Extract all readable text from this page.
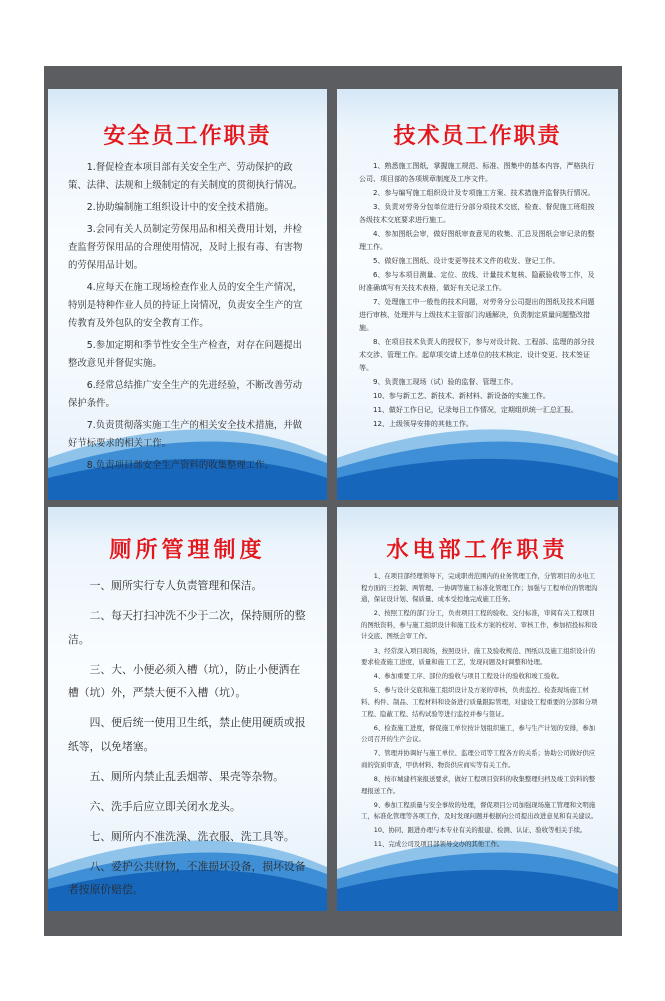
安全员工作职责

1.督促检查本项目部有关安全生产、劳动保护的政策、法律、法规和上级制定的有关制度的贯彻执行情况。

2.协助编制施工组织设计中的安全技术措施。

3.会同有关人员制定劳保用品和相关费用计划，并检查监督劳保用品的合理使用情况，及时上报有毒、有害物的劳保用品计划。

4.应每天在施工现场检查作业人员的安全生产情况，特别是特种作业人员的持证上岗情况，负责安全生产的宣传教育及外包队的安全教育工作。

5.参加定期和季节性安全生产检查，对存在问题提出整改意见并督促实施。

6.经常总结推广安全生产的先进经验，不断改善劳动保护条件。

7.负责贯彻落实施工生产的相关安全技术措施，并做好节标要求的相关工作。

8.负责项目部安全生产资料的收集整理工作。

技术员工作职责

1、熟悉施工图纸，掌握施工规范、标准、图集中的基本内容，严格执行公司、项目部的各项规章制度及工序文件。

2、参与编写施工组织设计及专项施工方案、技术措施并监督执行情况。

3、负责对劳务分包单位进行分部分项技术交底，检查、督促施工班组按各级技术交底要求进行施工。

4、参加图纸会审，做好图纸审查意见的收集、汇总及图纸会审记录的整理工作。

5、做好施工图纸、设计变更等技术文件的收发、登记工作。

6、参与本项目测量、定位、放线、计量技术复核、隐蔽验收等工作，及时准确填写有关技术表格，做好有关记录工作。

7、处理施工中一般性的技术问题，对劳务分公司提出的图纸及技术问题进行审核、处理并与上级技术主管部门沟通解决，负责制定质量问题整改措施。

8、在项目技术负责人的授权下，参与对设计院、工程部、监理的部分技术交涉、管理工作。起草项交请上述单位的技术核定、设计变更、技术签证等。

9、负责施工现场（试）验的监督、管理工作。

10、参与新工艺、新技术、新材料、新设备的实施工作。

11、做好工作日记，记录每日工作情况，定期组织统一汇总汇报。

12、上级领导安排的其他工作。

厕所管理制度

一、厕所实行专人负责管理和保洁。

二、每天打扫冲洗不少于二次，保持厕所的整洁。

三、大、小便必须入槽（坑），防止小便洒在槽（坑）外，严禁大便不入槽（坑）。

四、便后统一使用卫生纸，禁止使用硬质或报纸等，以免堵塞。

五、厕所内禁止乱丢烟蒂、果壳等杂物。

六、洗手后应立即关闭水龙头。

七、厕所内不准洗澡、洗衣服、洗工具等。

八、爱护公共财物，不准损坏设备，损坏设备者按原价赔偿。

水电部工作职责

1、在项目部经理领导下，完成职责范围内的业务管理工作，分管项目的水电工程方面的三控制、两管理、一协调等施工标准化管理工作；加强与工程单位的管理沟通，保证设计划、保质量、成本受控地完成施工任务。

2、按照工程的部门分工，负责项目工程的验收、交付标准，审阅有关工程项目的图纸资料，参与施工组织设计和施工技术方案的校对、审核工作，参加招投标和设计交底、图纸会审工作。

3、经常深入项目现场，按照设计、施工及验收规范、图纸以及施工组织设计的要求检查施工进度，质量和施工工艺，发现问题及时调整和处理。

4、参加重要工序、部位的验收与项目工程设计的验收和竣工验收。

5、参与设计交底和施工组织设计及方案的审核，负责监控、检查现场施工材料、构件、制品、工程材料和设备进行质量跟踪管理，对建设工程重要的分部和分项工程、隐蔽工程、结构试验等进行监控并参与签证。

6、检查施工进度，督促施工单位按计划组织施工，参与生产计划的安排，参加公司召开的生产会议。

7、管理并协调好与施工单位、监理公司等工程各方的关系；协助公司做好供应商的资质审查，甲供材料、物资供应商实等有关工作。

8、按市城建档案报送要求，做好工程项目资料的收集整理归档及竣工资料的整理报送工作。

9、参加工程质量与安全事故的处理，督促项目公司加强现场施工管理和文明施工，标准化管理等各项工作，及时发现问题并根据向公司提出改进意见和有关建议。

10、协同、跟进办理与本专业有关的报建、检测、认证、验收等相关手续。

11、完成公司及项目部领导交办的其他工作。
